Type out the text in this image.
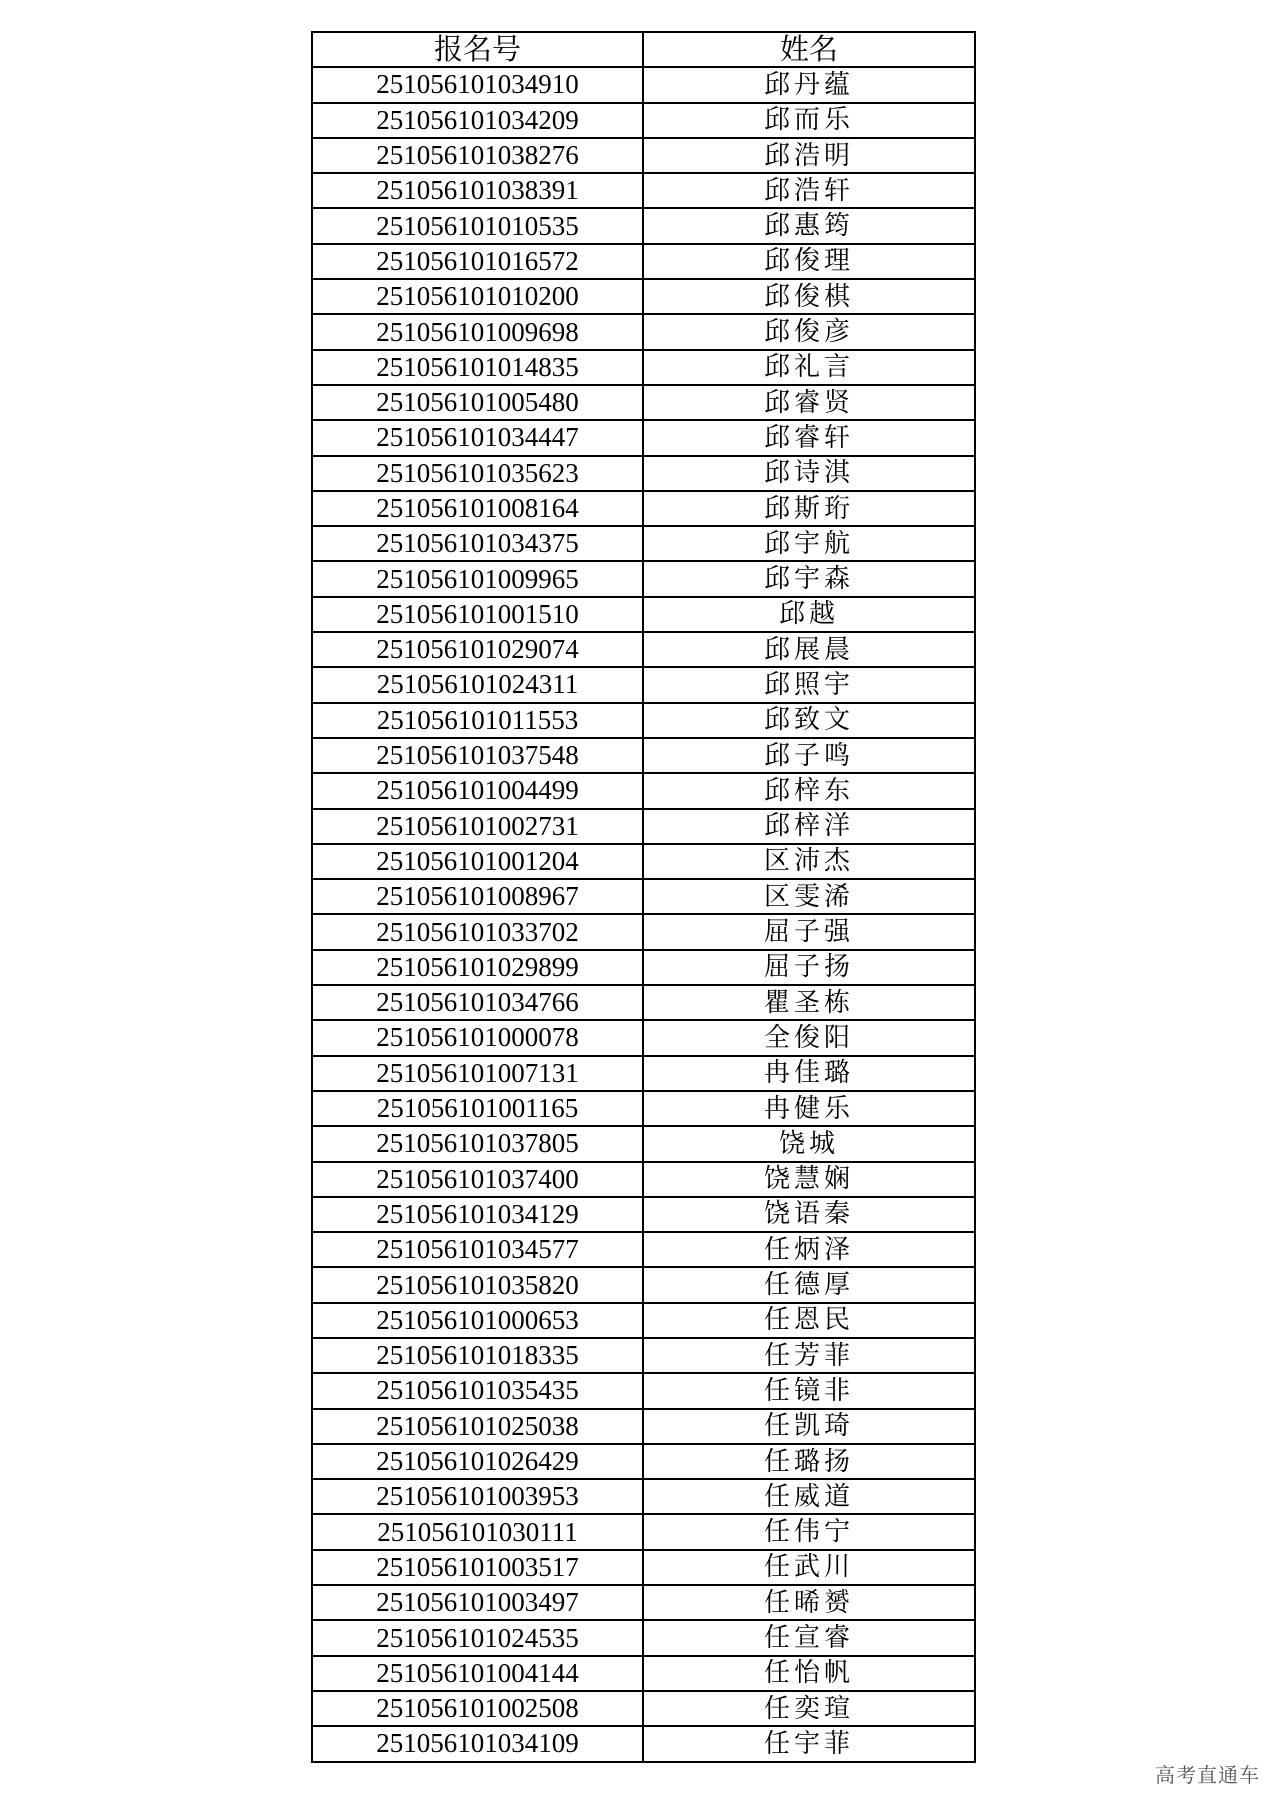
报名号	姓名
251056101034910	邱丹蕴
251056101034209	邱而乐
251056101038276	邱浩明
251056101038391	邱浩轩
251056101010535	邱惠筠
251056101016572	邱俊理
251056101010200	邱俊棋
251056101009698	邱俊彦
251056101014835	邱礼言
251056101005480	邱睿贤
251056101034447	邱睿轩
251056101035623	邱诗淇
251056101008164	邱斯珩
251056101034375	邱宇航
251056101009965	邱宇森
251056101001510	邱越
251056101029074	邱展晨
251056101024311	邱照宇
251056101011553	邱致文
251056101037548	邱子鸣
251056101004499	邱梓东
251056101002731	邱梓洋
251056101001204	区沛杰
251056101008967	区雯浠
251056101033702	屈子强
251056101029899	屈子扬
251056101034766	瞿圣栋
251056101000078	全俊阳
251056101007131	冉佳璐
251056101001165	冉健乐
251056101037805	饶城
251056101037400	饶慧娴
251056101034129	饶语秦
251056101034577	任炳泽
251056101035820	任德厚
251056101000653	任恩民
251056101018335	任芳菲
251056101035435	任镜非
251056101025038	任凯琦
251056101026429	任璐扬
251056101003953	任威道
251056101030111	任伟宁
251056101003517	任武川
251056101003497	任晞赟
251056101024535	任宣睿
251056101004144	任怡帆
251056101002508	任奕瑄
251056101034109	任宇菲
高考直通车
